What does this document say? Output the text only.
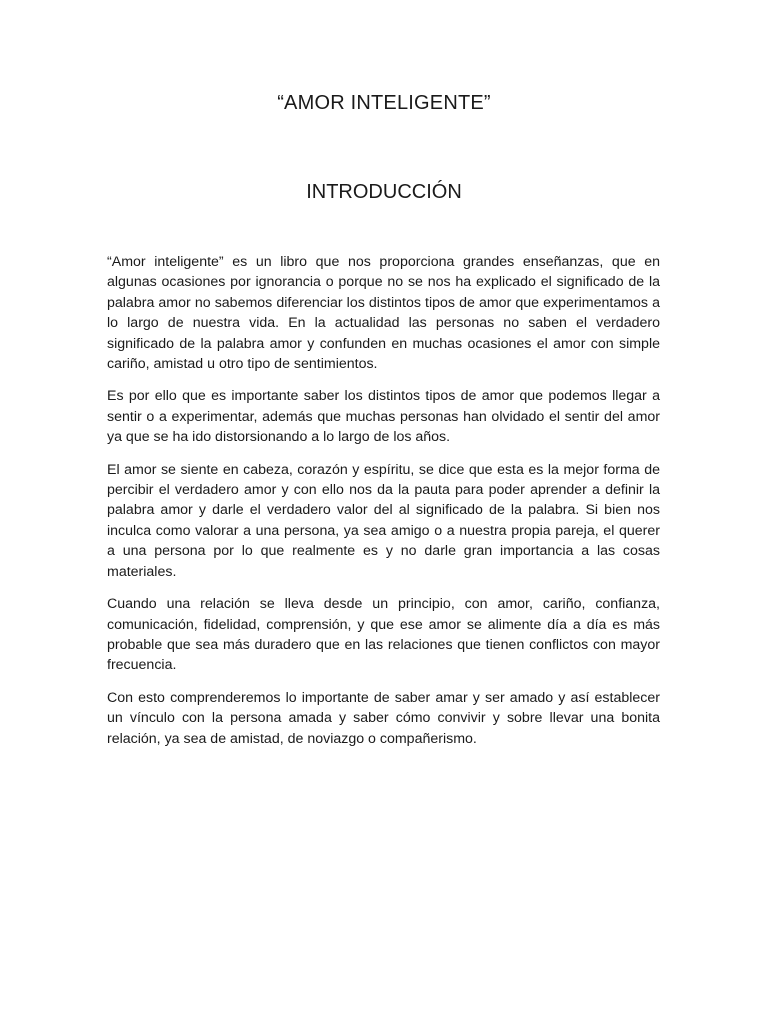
“AMOR INTELIGENTE”
INTRODUCCIÓN

“Amor inteligente” es un libro que nos proporciona grandes enseñanzas, que en algunas ocasiones por ignorancia o porque no se nos ha explicado el significado de la palabra amor no sabemos diferenciar los distintos tipos de amor que experimentamos a lo largo de nuestra vida. En la actualidad las personas no saben el verdadero significado de la palabra amor y confunden en muchas ocasiones el amor con simple cariño, amistad u otro tipo de sentimientos.

Es por ello que es importante saber los distintos tipos de amor que podemos llegar a sentir o a experimentar, además que muchas personas han olvidado el sentir del amor ya que se ha ido distorsionando a lo largo de los años.

El amor se siente en cabeza, corazón y espíritu, se dice que esta es la mejor forma de percibir el verdadero amor y con ello nos da la pauta para poder aprender a definir la palabra amor y darle el verdadero valor del al significado de la palabra. Si bien nos inculca como valorar a una persona, ya sea amigo o a nuestra propia pareja, el querer a una persona por lo que realmente es y no darle gran importancia a las cosas materiales.

Cuando una relación se lleva desde un principio, con amor, cariño, confianza, comunicación, fidelidad, comprensión, y que ese amor se alimente día a día es más probable que sea más duradero que en las relaciones que tienen conflictos con mayor frecuencia.

Con esto comprenderemos lo importante de saber amar y ser amado y así establecer un vínculo con la persona amada y saber cómo convivir y sobre llevar una bonita relación, ya sea de amistad, de noviazgo o compañerismo.
